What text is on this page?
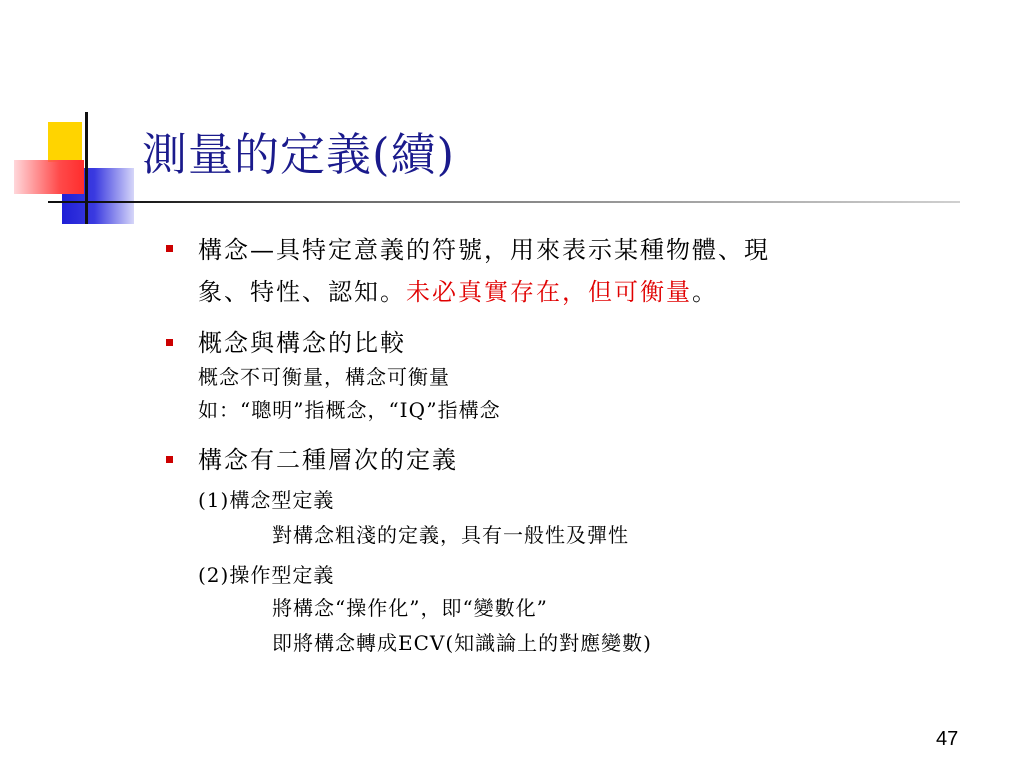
測量的定義(續)

構念—具特定意義的符號，用來表示某種物體、現

象、特性、認知。未必真實存在，但可衡量。

概念與構念的比較

概念不可衡量，構念可衡量

如：“聰明”指概念，“IQ”指構念

構念有二種層次的定義

(1)構念型定義

對構念粗淺的定義，具有一般性及彈性

(2)操作型定義

將構念“操作化”，即“變數化”

即將構念轉成ECV(知識論上的對應變數)

47
